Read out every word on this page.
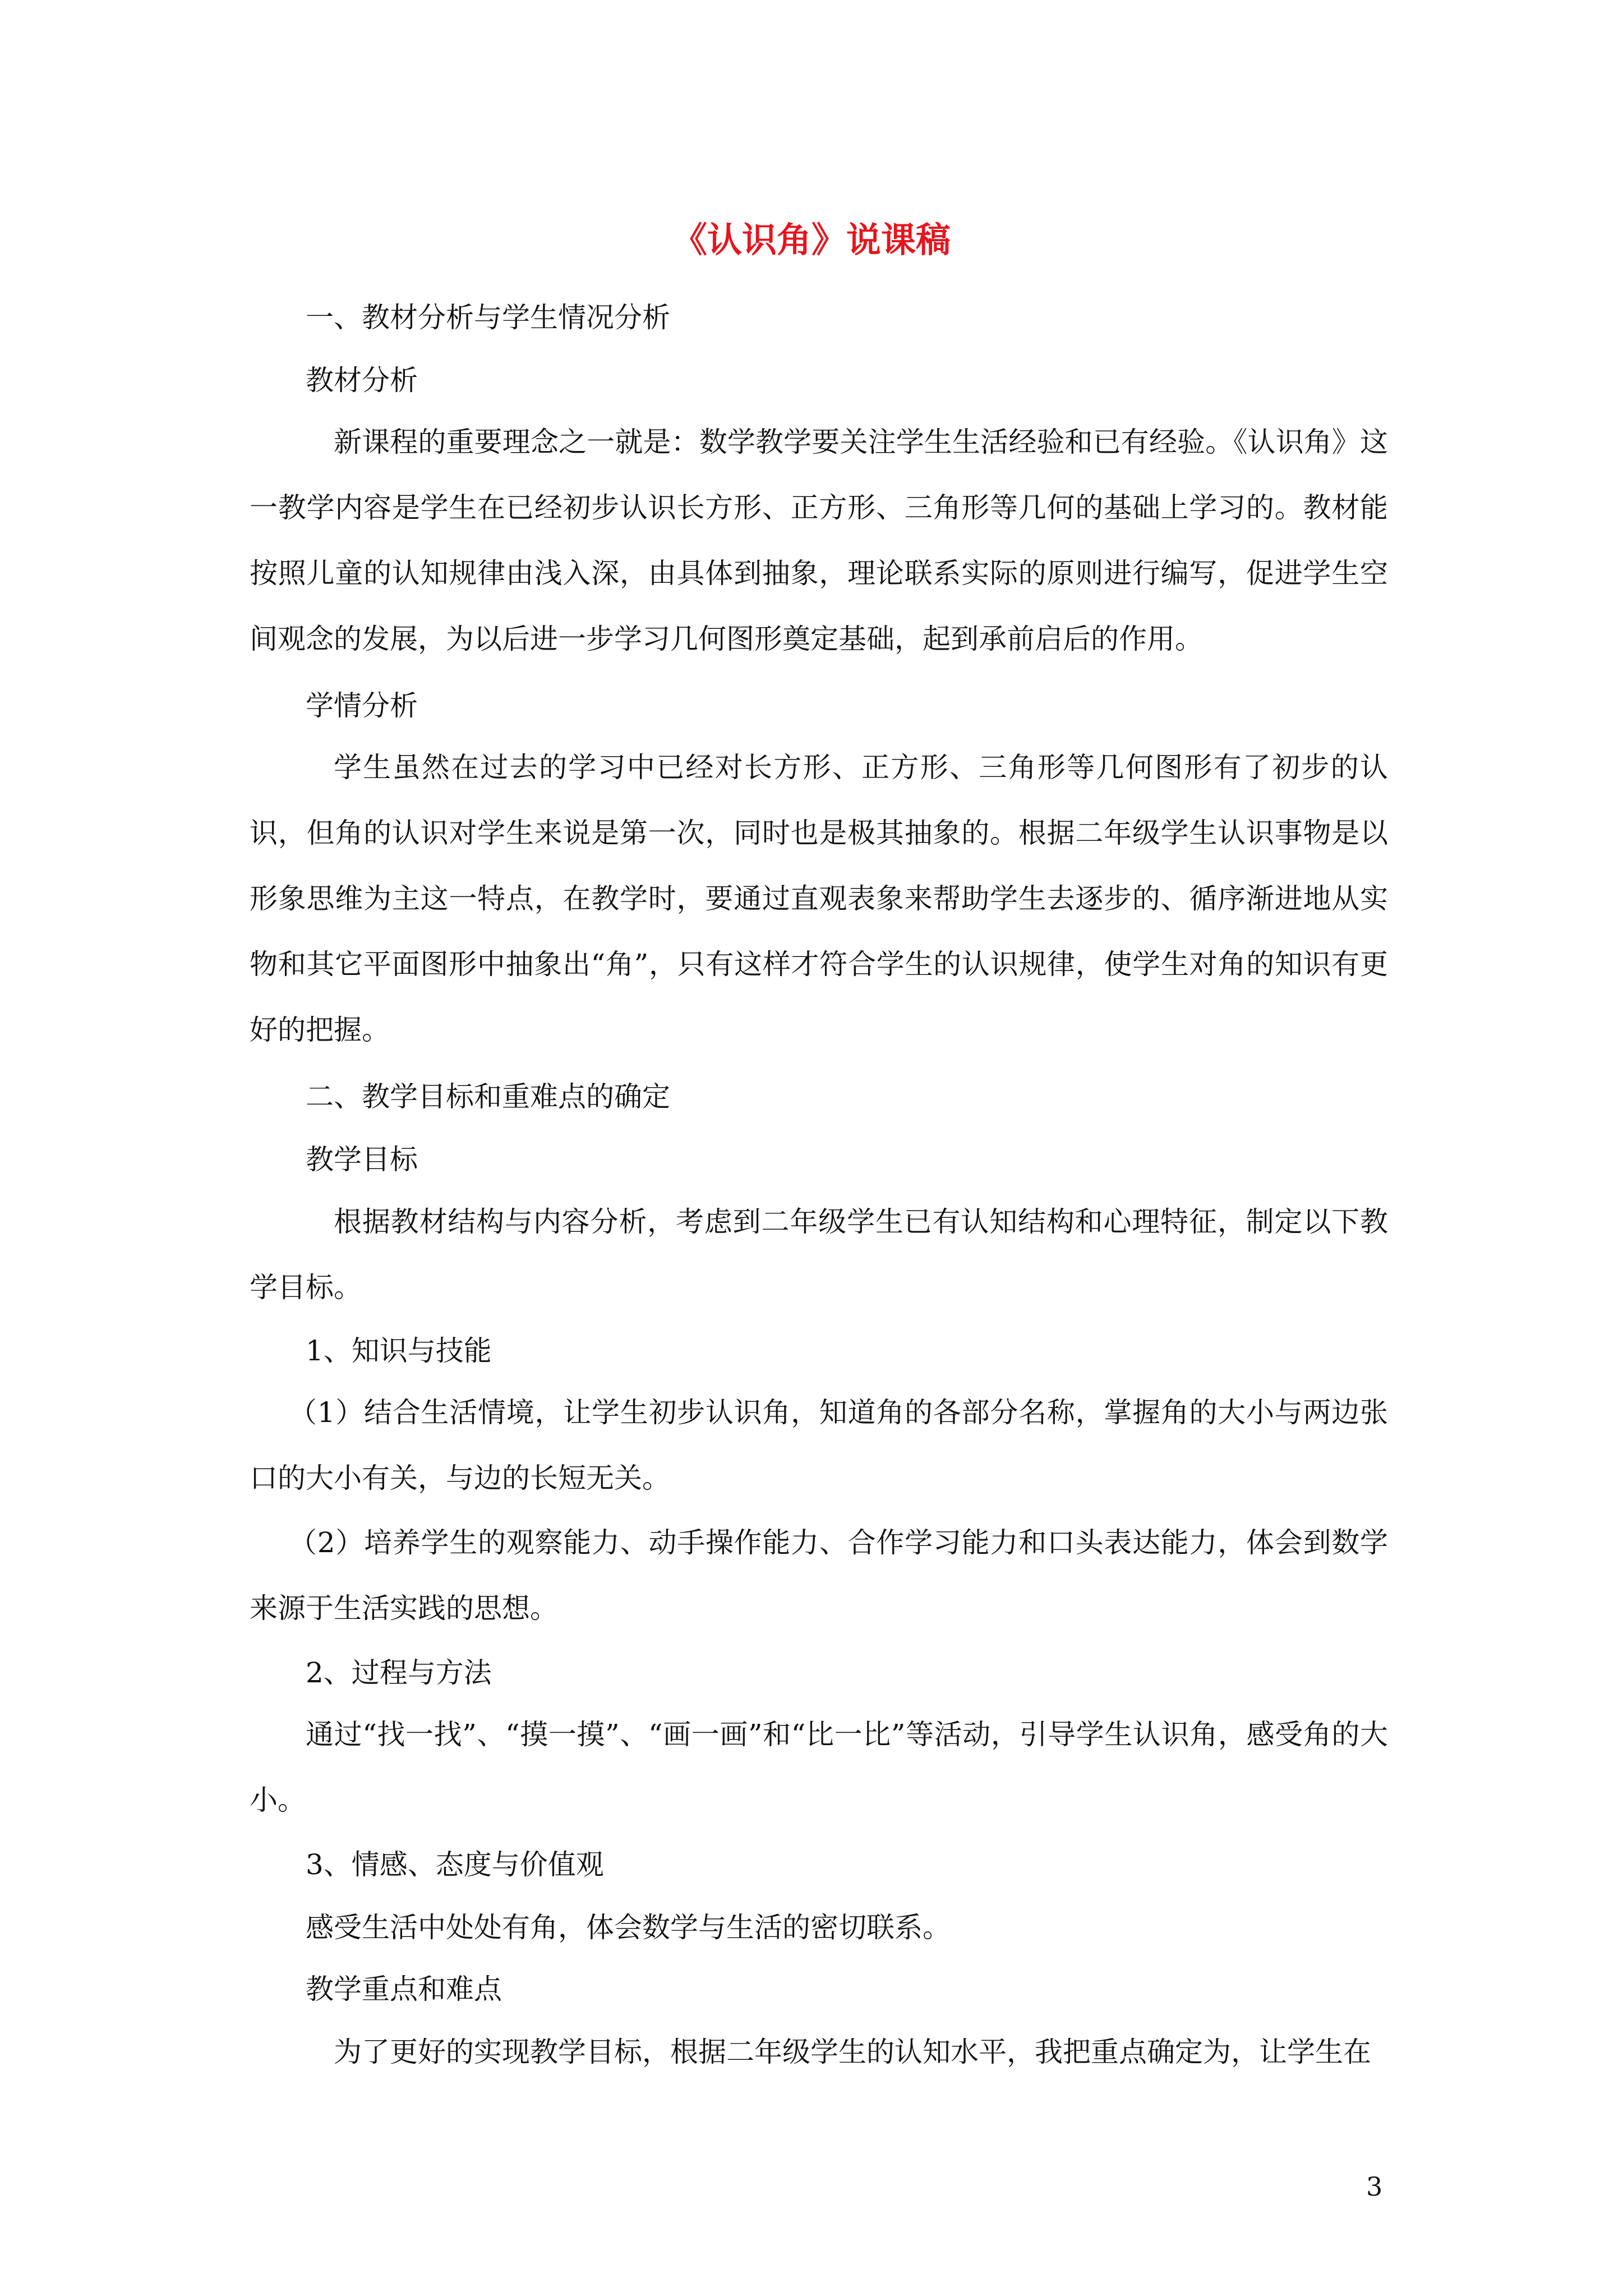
《认识角》说课稿

一、教材分析与学生情况分析

教材分析

新课程的重要理念之一就是：数学教学要关注学生生活经验和已有经验。《认识角》这一教学内容是学生在已经初步认识长方形、正方形、三角形等几何的基础上学习的。教材能按照儿童的认知规律由浅入深，由具体到抽象，理论联系实际的原则进行编写，促进学生空间观念的发展，为以后进一步学习几何图形奠定基础，起到承前启后的作用。

学情分析

学生虽然在过去的学习中已经对长方形、正方形、三角形等几何图形有了初步的认识，但角的认识对学生来说是第一次，同时也是极其抽象的。根据二年级学生认识事物是以形象思维为主这一特点，在教学时，要通过直观表象来帮助学生去逐步的、循序渐进地从实物和其它平面图形中抽象出“角”，只有这样才符合学生的认识规律，使学生对角的知识有更好的把握。

二、教学目标和重难点的确定

教学目标

根据教材结构与内容分析，考虑到二年级学生已有认知结构和心理特征，制定以下教学目标。

1、知识与技能

（1）结合生活情境，让学生初步认识角，知道角的各部分名称，掌握角的大小与两边张口的大小有关，与边的长短无关。

（2）培养学生的观察能力、动手操作能力、合作学习能力和口头表达能力，体会到数学来源于生活实践的思想。

2、过程与方法

通过“找一找”、“摸一摸”、“画一画”和“比一比”等活动，引导学生认识角，感受角的大小。

3、情感、态度与价值观

感受生活中处处有角，体会数学与生活的密切联系。

教学重点和难点

为了更好的实现教学目标，根据二年级学生的认知水平，我把重点确定为，让学生在

3
